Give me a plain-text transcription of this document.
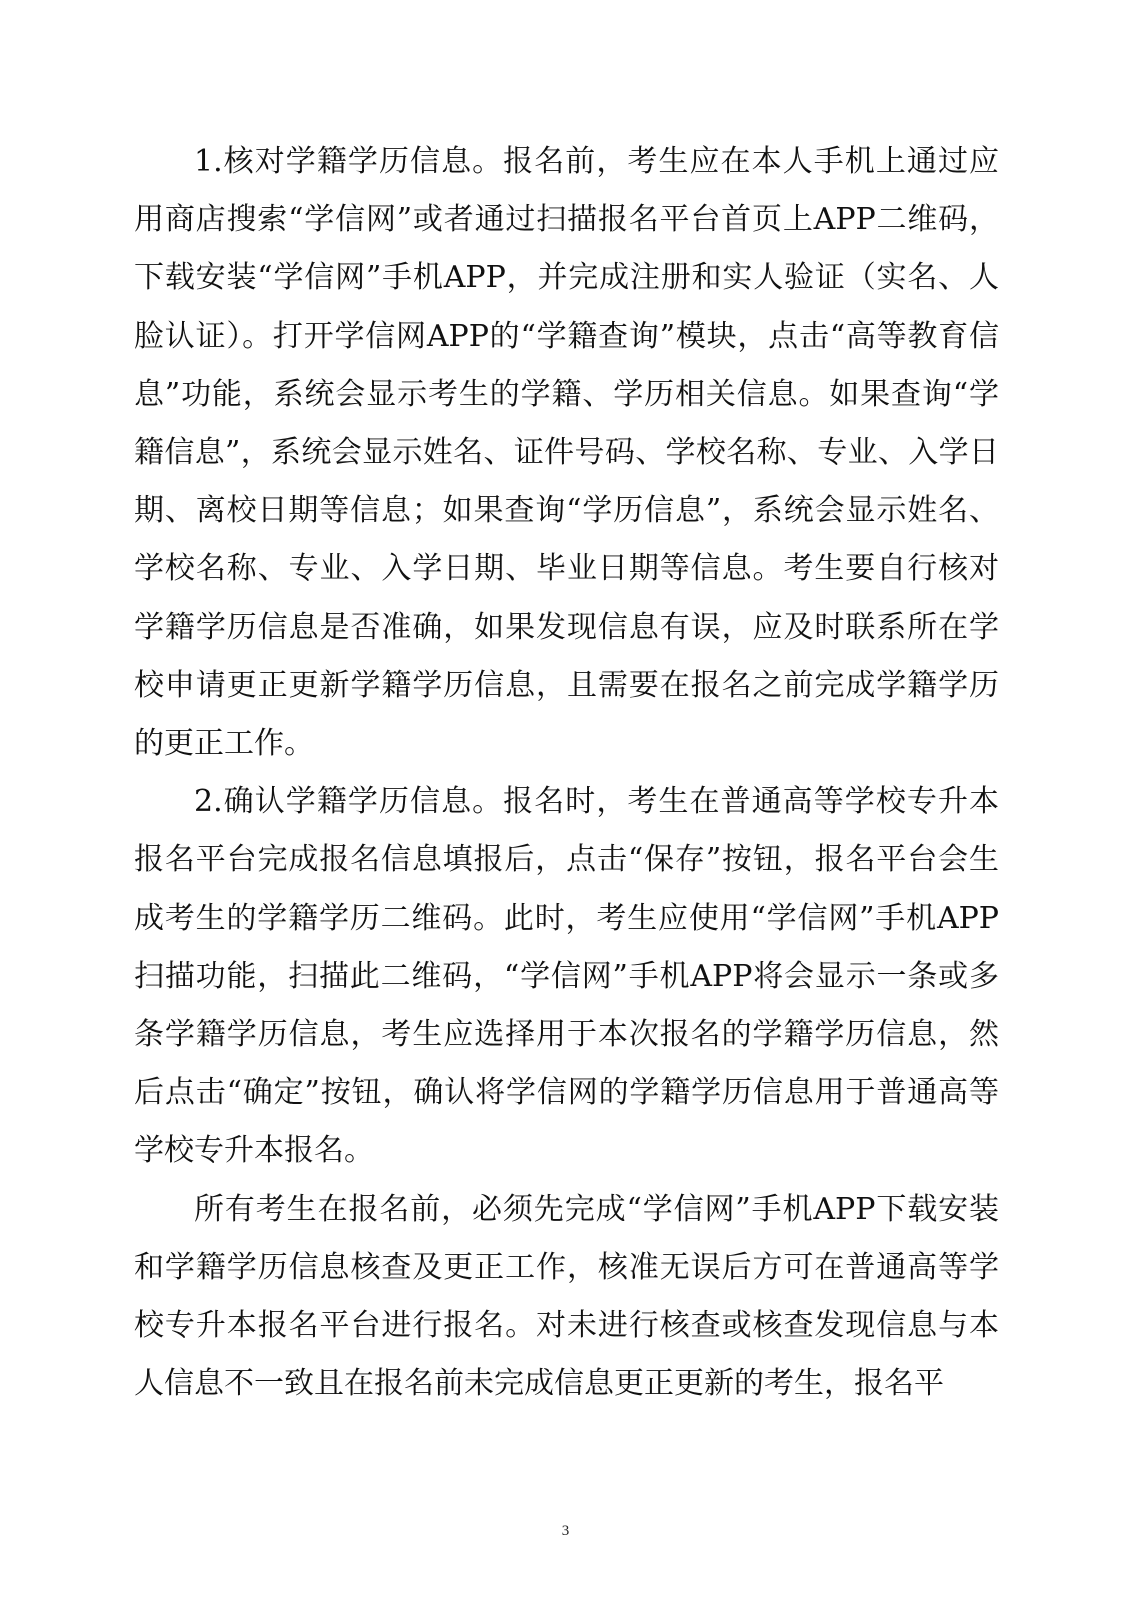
1.核对学籍学历信息。报名前，考生应在本人手机上通过应用商店搜索“学信网”或者通过扫描报名平台首页上APP二维码，下载安装“学信网”手机APP，并完成注册和实人验证（实名、人脸认证）。打开学信网APP的“学籍查询”模块，点击“高等教育信息”功能，系统会显示考生的学籍、学历相关信息。如果查询“学籍信息”，系统会显示姓名、证件号码、学校名称、专业、入学日期、离校日期等信息；如果查询“学历信息”，系统会显示姓名、学校名称、专业、入学日期、毕业日期等信息。考生要自行核对学籍学历信息是否准确，如果发现信息有误，应及时联系所在学校申请更正更新学籍学历信息，且需要在报名之前完成学籍学历的更正工作。

2.确认学籍学历信息。报名时，考生在普通高等学校专升本报名平台完成报名信息填报后，点击“保存”按钮，报名平台会生成考生的学籍学历二维码。此时，考生应使用“学信网”手机APP扫描功能，扫描此二维码，“学信网”手机APP将会显示一条或多条学籍学历信息，考生应选择用于本次报名的学籍学历信息，然后点击“确定”按钮，确认将学信网的学籍学历信息用于普通高等学校专升本报名。

所有考生在报名前，必须先完成“学信网”手机APP下载安装和学籍学历信息核查及更正工作，核准无误后方可在普通高等学校专升本报名平台进行报名。对未进行核查或核查发现信息与本人信息不一致且在报名前未完成信息更正更新的考生，报名平

3
